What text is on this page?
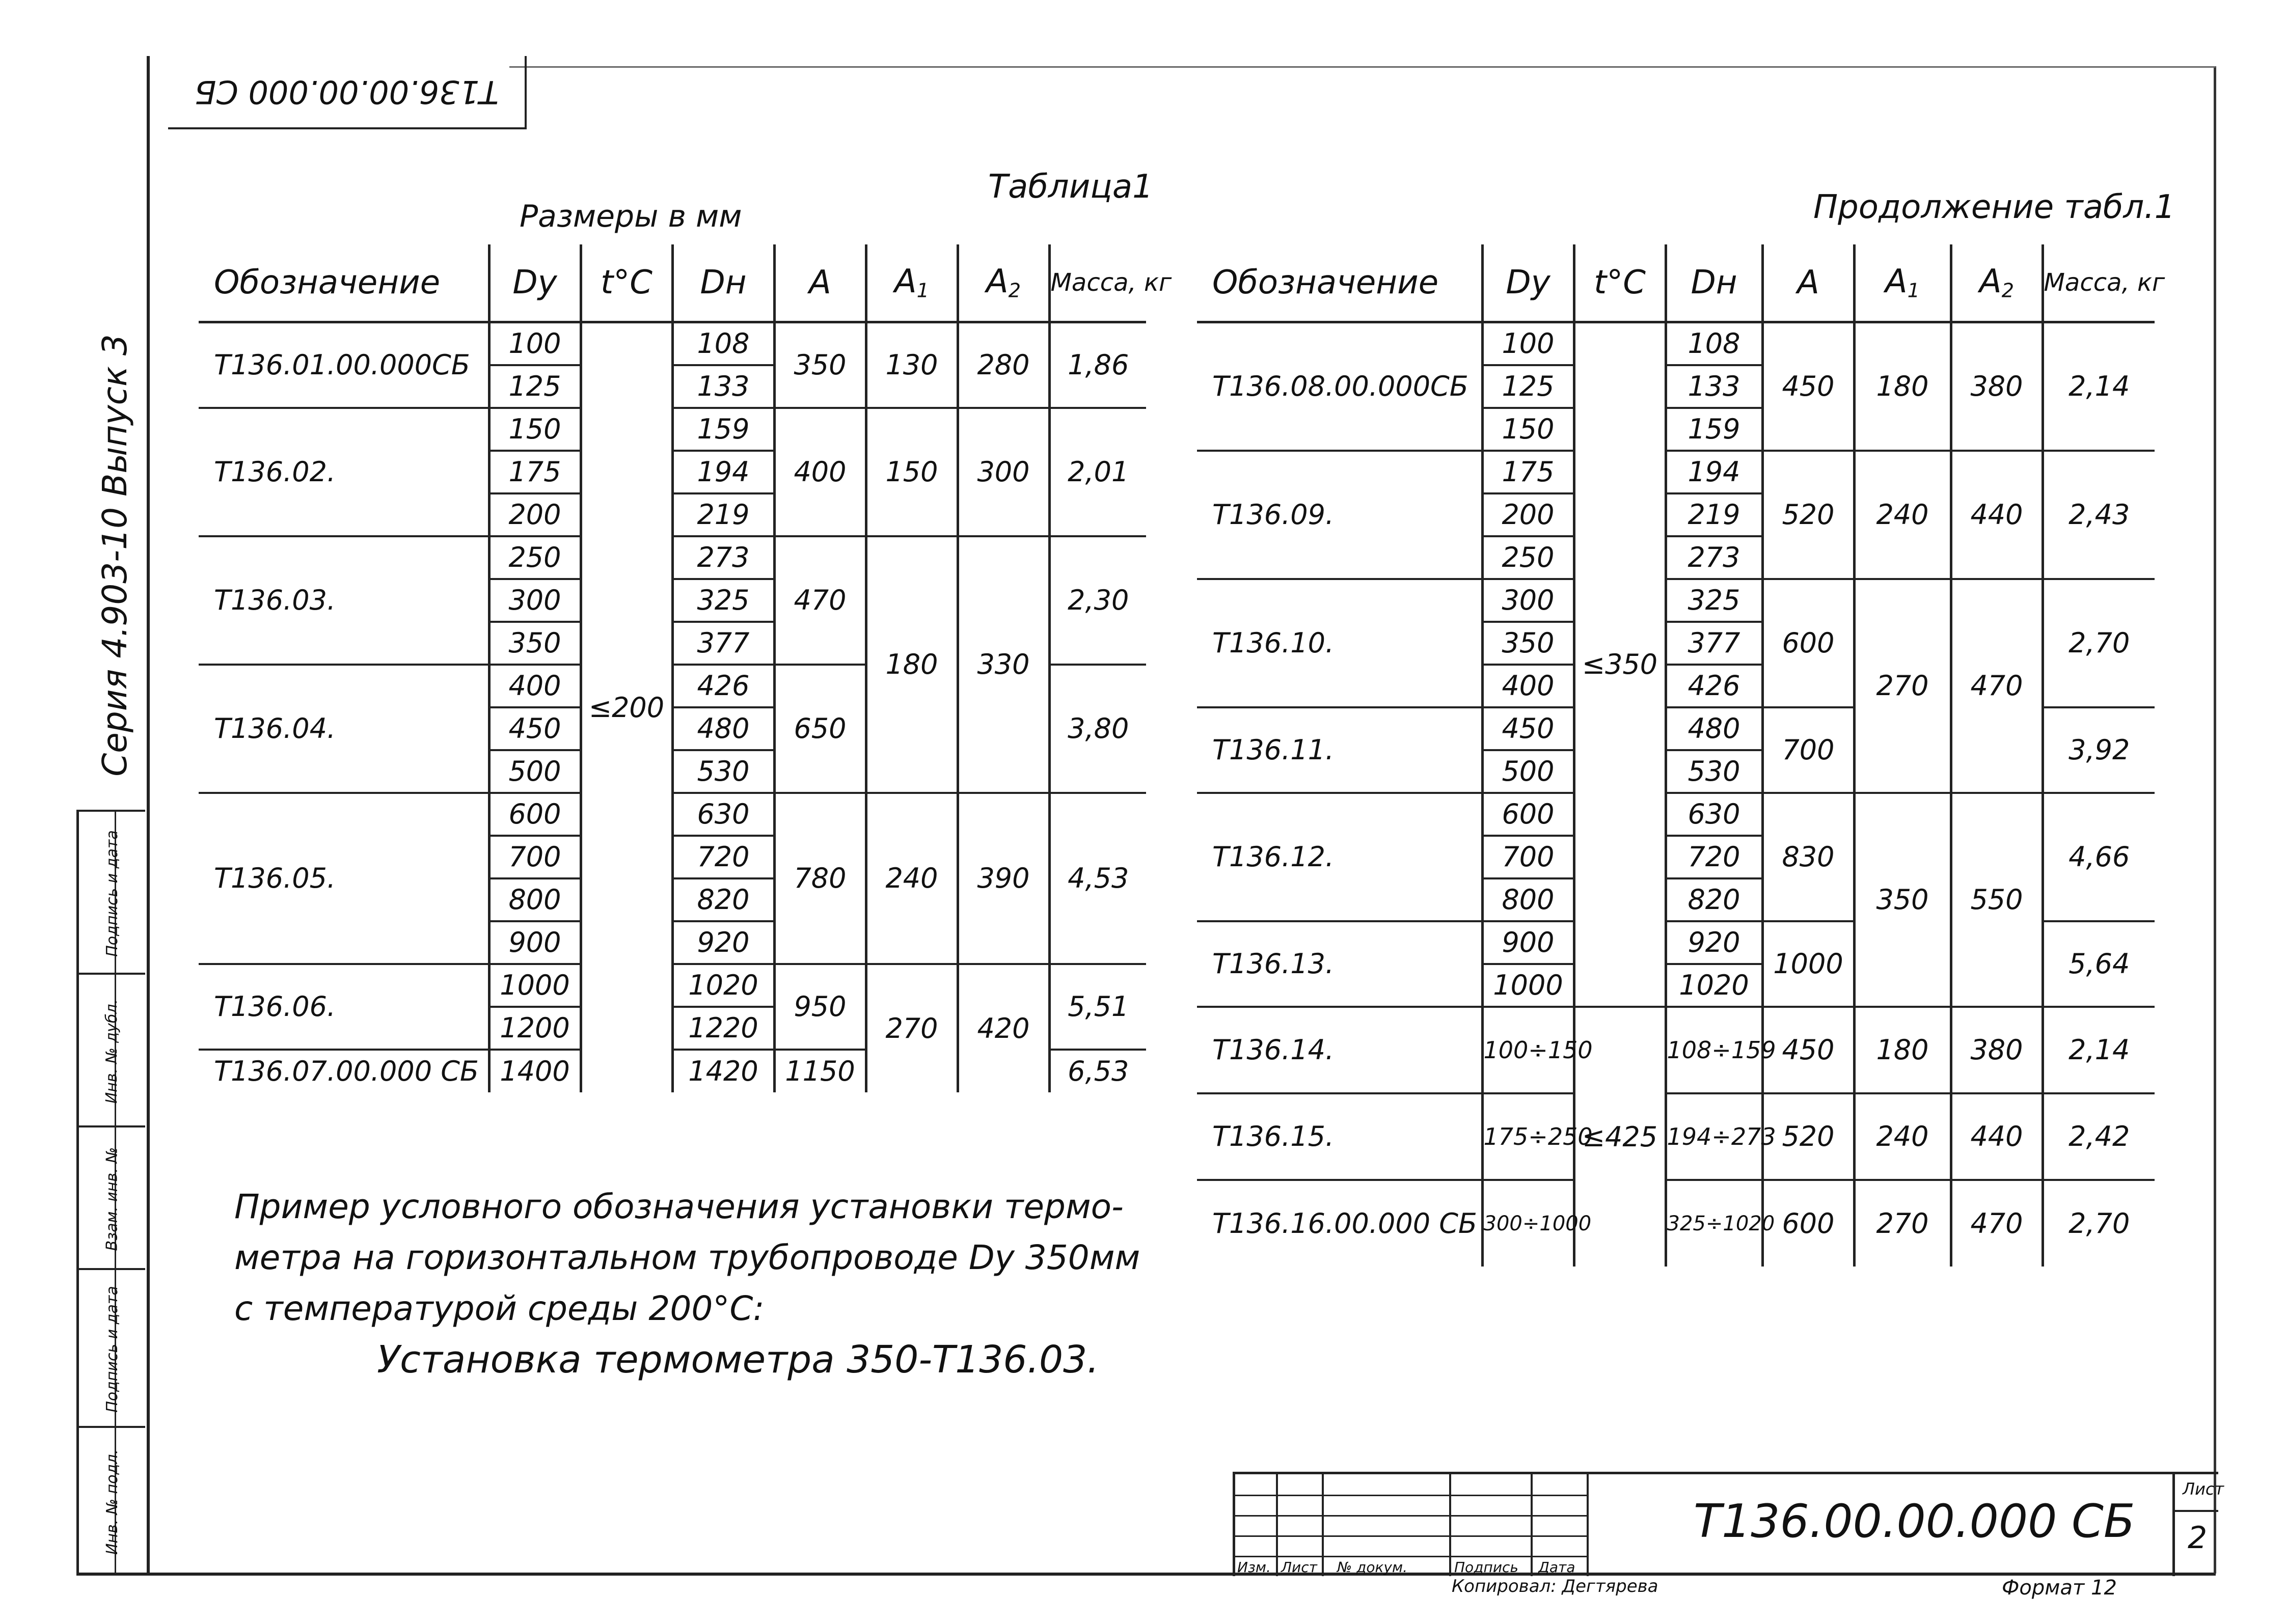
Т136.00.00.000 СБ
Серия 4.903-10 Выпуск 3
Инв. № подл.
Подпись и дата
Взам. инв. №
Инв. № дубл.
Подпись и дата
Размеры в мм
Таблица1
Обозначение	Dу	t°C	Dн	А	$A_1$	$A_2$	Масса, кг
Т136.01.00.000СБ	100	≤200	108	350	130	280	1,86
	125		133				
Т136.02.	150		159	400	150	300	2,01
	175		194				
	200		219				
Т136.03.	250		273	470	180	330	2,30
	300		325				
	350		377				
Т136.04.	400		426	650			3,80
	450		480				
	500		530				
Т136.05.	600		630	780	240	390	4,53
	700		720				
	800		820				
	900		920				
Т136.06.	1000		1020	950	270	420	5,51
	1200		1220				
Т136.07.00.000 СБ	1400		1420	1150			6,53
Продолжение табл.1
Обозначение	Dу	t°C	Dн	А	$A_1$	$A_2$	Масса, кг
Т136.08.00.000СБ	100	≤350	108	450	180	380	2,14
	125		133				
	150		159				
Т136.09.	175		194	520	240	440	2,43
	200		219				
	250		273				
Т136.10.	300		325	600	270	470	2,70
	350		377				
	400		426				
Т136.11.	450		480	700			3,92
	500		530				
Т136.12.	600		630	830	350	550	4,66
	700		720				
	800		820				
Т136.13.	900		920	1000			5,64
	1000		1020				
Т136.14.	100÷150	≤425	108÷159	450	180	380	2,14
Т136.15.	175÷250		194÷273	520	240	440	2,42
Т136.16.00.000 СБ	300÷1000		325÷1020	600	270	470	2,70
Пример условного обозначения установки термо-
метра на горизонтальном трубопроводе Dу 350мм
с температурой среды 200°С:
Установка термометра 350-Т136.03.
Изм. Лист № докум.	Подпись Дата
Т136.00.00.000 СБ
Лист
2
Копировал: Дегтярева	Формат 12
